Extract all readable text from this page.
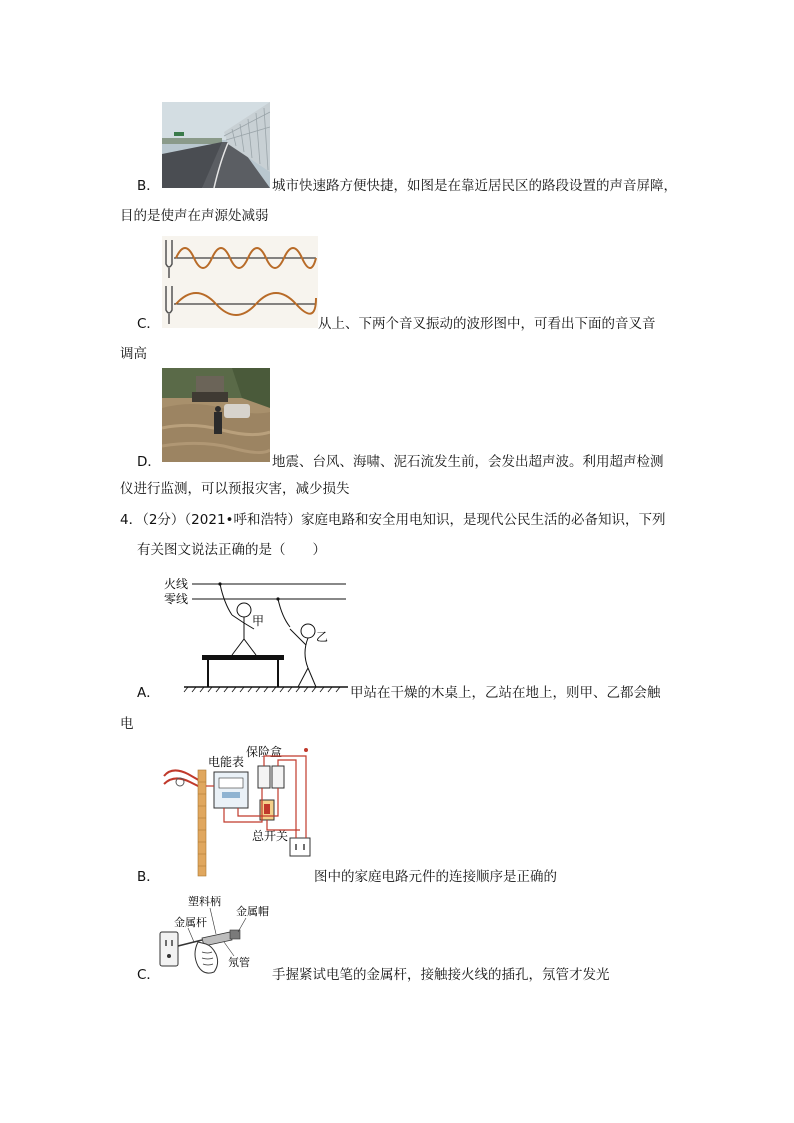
B．	城市快速路方便快捷，如图是在靠近居民区的路段设置的声音屏障，
目的是使声在声源处减弱
C．	从上、下两个音叉振动的波形图中，可看出下面的音叉音
调高
D．	地震、台风、海啸、泥石流发生前，会发出超声波。利用超声检测
仪进行监测，可以预报灾害，减少损失
4．（2分）（2021•呼和浩特）家庭电路和安全用电知识，是现代公民生活的必备知识，下列
有关图文说法正确的是（　　）
火线
零线
甲
乙
A．	甲站在干燥的木桌上，乙站在地上，则甲、乙都会触
电
电能表
保险盒
总开关
B．	图中的家庭电路元件的连接顺序是正确的
塑料柄
金属杆
金属帽
氖管
C．	手握紧试电笔的金属杆，接触接火线的插孔，氖管才发光
